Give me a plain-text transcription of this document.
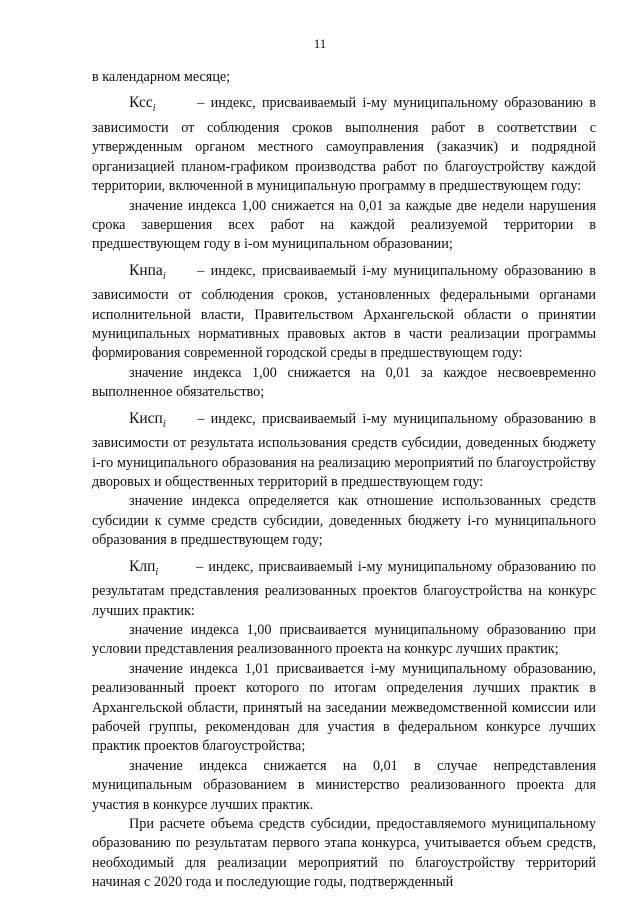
11

в календарном месяце;

Ксс$_i$	– индекс, присваиваемый i-му муниципальному образованию в зависимости от соблюдения сроков выполнения работ в соответствии с утвержденным органом местного самоуправления (заказчик) и подрядной организацией планом-графиком производства работ по благоустройству каждой территории, включенной в муниципальную программу в предшествующем году:

значение индекса 1,00 снижается на 0,01 за каждые две недели нарушения срока завершения всех работ на каждой реализуемой территории в предшествующем году в i-ом муниципальном образовании;

Кнпа$_i$ – индекс, присваиваемый i-му муниципальному образованию в зависимости от соблюдения сроков, установленных федеральными органами исполнительной власти, Правительством Архангельской области о принятии муниципальных нормативных правовых актов в части реализации программы формирования современной городской среды в предшествующем году:

значение индекса 1,00 снижается на 0,01 за каждое несвоевременно выполненное обязательство;

Кисп$_i$ – индекс, присваиваемый i-му муниципальному образованию в зависимости от результата использования средств субсидии, доведенных бюджету i-го муниципального образования на реализацию мероприятий по благоустройству дворовых и общественных территорий в предшествующем году:

значение индекса определяется как отношение использованных средств субсидии к сумме средств субсидии, доведенных бюджету i-го муниципального образования в предшествующем году;

Клп$_i$ – индекс, присваиваемый i-му муниципальному образованию по результатам представления реализованных проектов благоустройства на конкурс лучших практик:

значение индекса 1,00 присваивается муниципальному образованию при условии представления реализованного проекта на конкурс лучших практик;

значение индекса 1,01 присваивается i-му муниципальному образованию, реализованный проект которого по итогам определения лучших практик в Архангельской области, принятый на заседании межведомственной комиссии или рабочей группы, рекомендован для участия в федеральном конкурсе лучших практик проектов благоустройства;

значение индекса снижается на 0,01 в случае непредставления муниципальным образованием в министерство реализованного проекта для участия в конкурсе лучших практик.

При расчете объема средств субсидии, предоставляемого муниципальному образованию по результатам первого этапа конкурса, учитывается объем средств, необходимый для реализации мероприятий по благоустройству территорий начиная с 2020 года и последующие годы, подтвержденный
